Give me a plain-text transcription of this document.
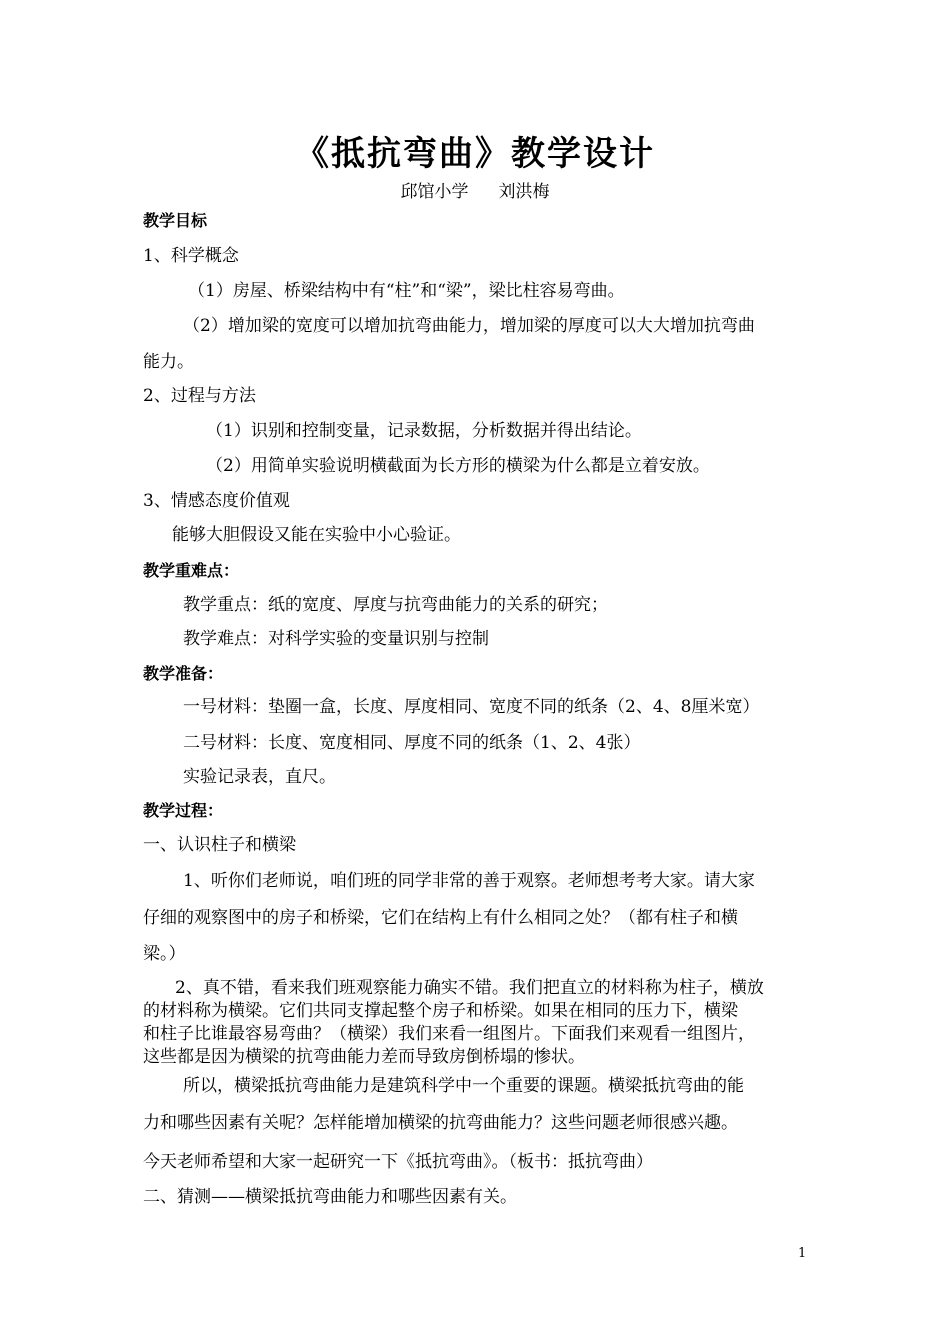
《抵抗弯曲》教学设计
邱馆小学 刘洪梅
教学目标
1、科学概念
（1）房屋、桥梁结构中有“柱”和“梁”，梁比柱容易弯曲。
（2）增加梁的宽度可以增加抗弯曲能力，增加梁的厚度可以大大增加抗弯曲
能力。
2、过程与方法
（1）识别和控制变量，记录数据，分析数据并得出结论。
（2）用简单实验说明横截面为长方形的横梁为什么都是立着安放。
3、情感态度价值观
能够大胆假设又能在实验中小心验证。
教学重难点：
教学重点：纸的宽度、厚度与抗弯曲能力的关系的研究；
教学难点：对科学实验的变量识别与控制
教学准备：
一号材料：垫圈一盒，长度、厚度相同、宽度不同的纸条（2、4、8厘米宽）
二号材料：长度、宽度相同、厚度不同的纸条（1、2、4张）
实验记录表，直尺。
教学过程：
一、认识柱子和横梁
1、听你们老师说，咱们班的同学非常的善于观察。老师想考考大家。请大家
仔细的观察图中的房子和桥梁，它们在结构上有什么相同之处？（都有柱子和横
梁。）
2、真不错，看来我们班观察能力确实不错。我们把直立的材料称为柱子，横放
的材料称为横梁。它们共同支撑起整个房子和桥梁。如果在相同的压力下，横梁
和柱子比谁最容易弯曲？（横梁）我们来看一组图片。下面我们来观看一组图片，
这些都是因为横梁的抗弯曲能力差而导致房倒桥塌的惨状。
所以，横梁抵抗弯曲能力是建筑科学中一个重要的课题。横梁抵抗弯曲的能
力和哪些因素有关呢？怎样能增加横梁的抗弯曲能力？这些问题老师很感兴趣。
今天老师希望和大家一起研究一下《抵抗弯曲》。（板书：抵抗弯曲）
二、猜测——横梁抵抗弯曲能力和哪些因素有关。
1
